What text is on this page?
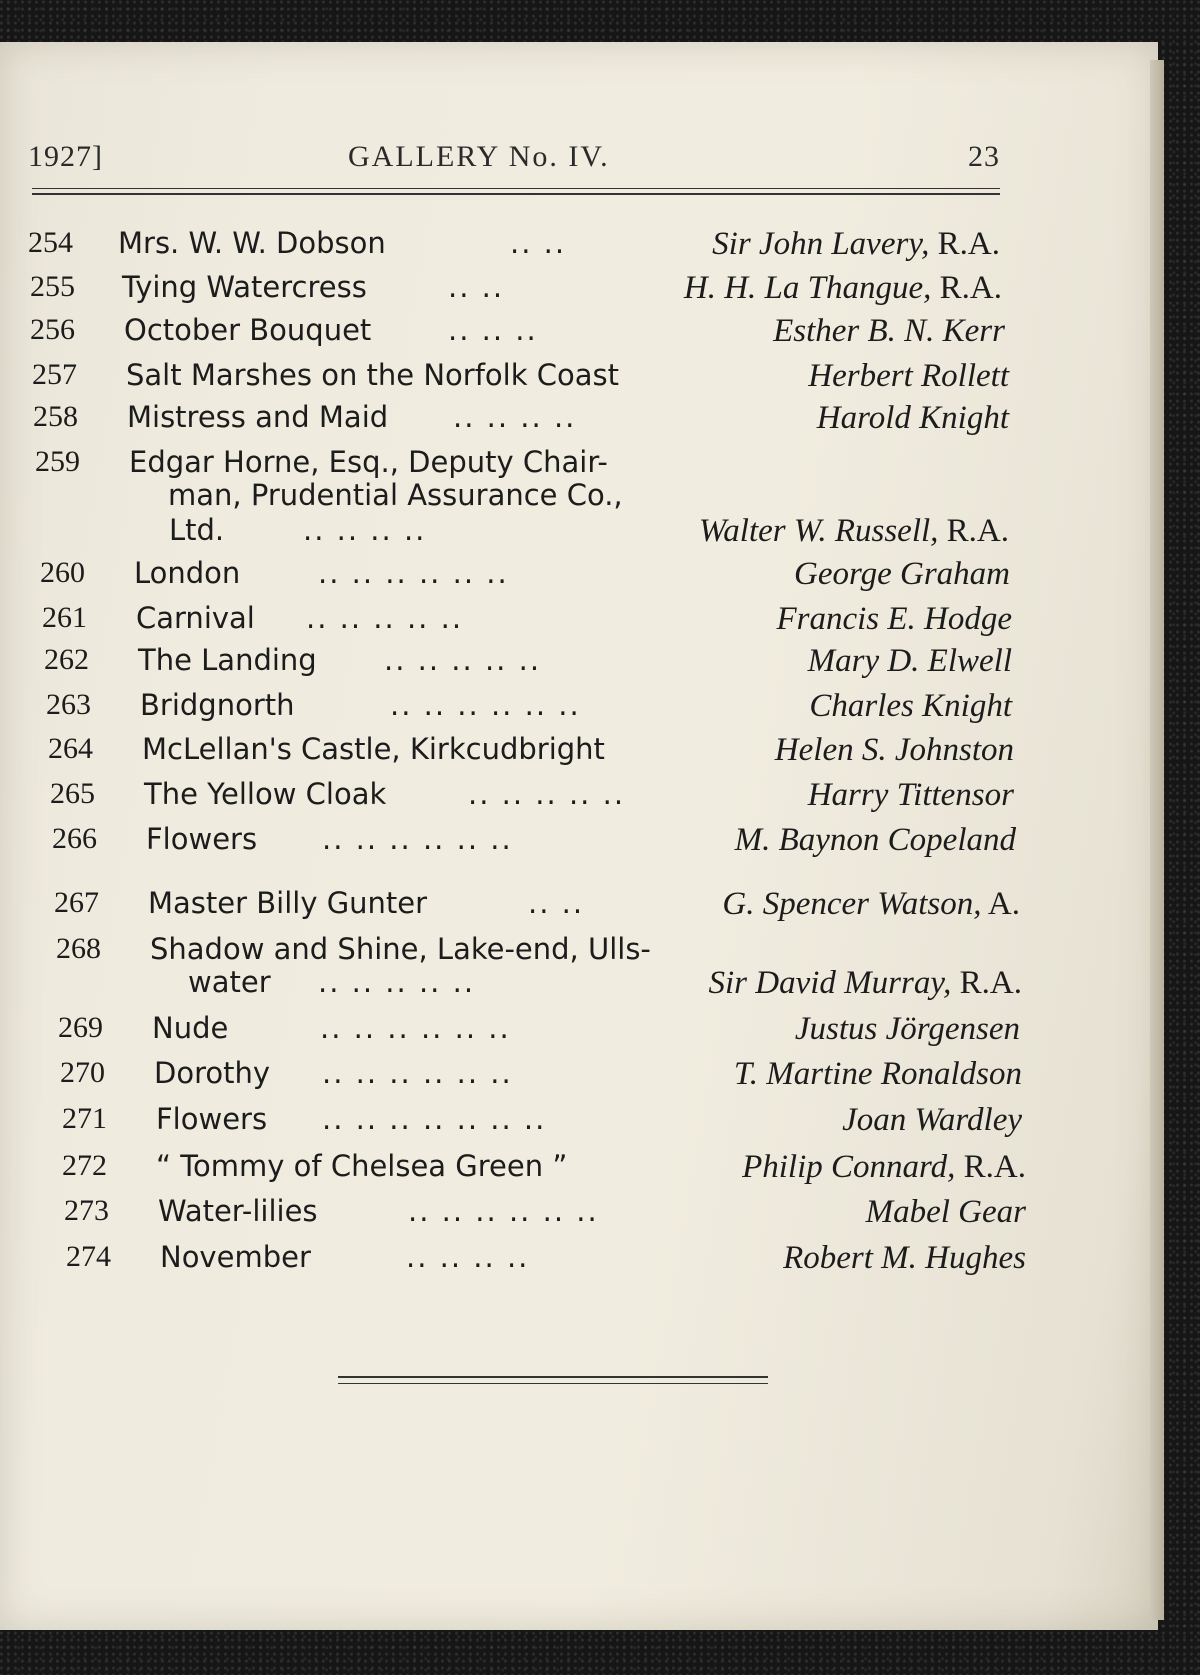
1927]	GALLERY No. IV.	23
254 Mrs. W. W. Dobson	.. ..	Sir John Lavery, R.A.
255 Tying Watercress	.. ..	H. H. La Thangue, R.A.
256 October Bouquet	.. .. ..	Esther B. N. Kerr
257 Salt Marshes on the Norfolk Coast	Herbert Rollett
258 Mistress and Maid .. .. .. ..	Harold Knight
259 Edgar Horne, Esq., Deputy Chair-
man, Prudential Assurance Co.,
Ltd.	.. .. .. ..	Walter W. Russell, R.A.
260 London	.. .. .. .. .. ..	George Graham
261 Carnival .. .. .. .. ..	Francis E. Hodge
262 The Landing .. .. .. .. ..	Mary D. Elwell
263 Bridgnorth	.. .. .. .. .. ..	Charles Knight
264 McLellan's Castle, Kirkcudbright	Helen S. Johnston
265 The Yellow Cloak	.. .. .. .. ..	Harry Tittensor
266 Flowers .. .. .. .. .. ..	M. Baynon Copeland
267 Master Billy Gunter	.. ..	G. Spencer Watson, A.
268 Shadow and Shine, Lake-end, Ulls-
water .. .. .. .. ..	Sir David Murray, R.A.
269 Nude	.. .. .. .. .. ..	Justus Jörgensen
270 Dorothy .. .. .. .. .. ..	T. Martine Ronaldson
271 Flowers .. .. .. .. .. .. ..	Joan Wardley
272 “ Tommy of Chelsea Green ”	Philip Connard, R.A.
273 Water-lilies	.. .. .. .. .. ..	Mabel Gear
274 November	.. .. .. ..	Robert M. Hughes
